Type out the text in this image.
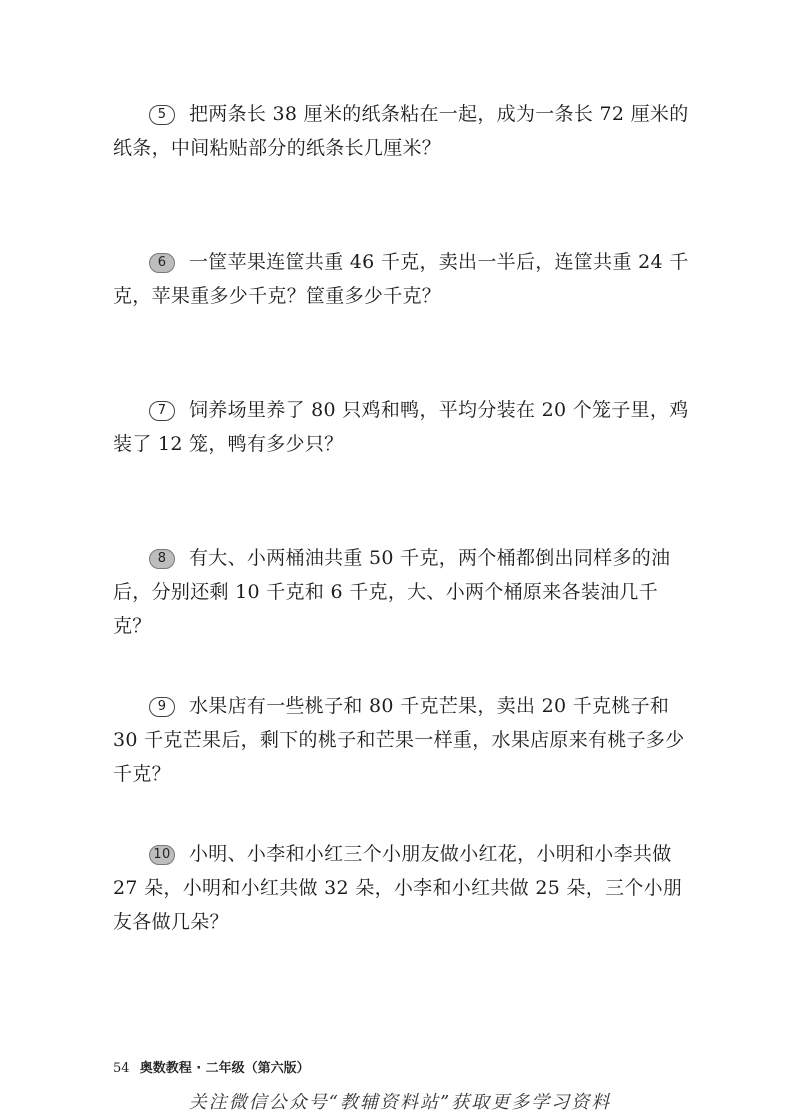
5 把两条长 38 厘米的纸条粘在一起，成为一条长 72 厘米的纸条，中间粘贴部分的纸条长几厘米？
6 一筐苹果连筐共重 46 千克，卖出一半后，连筐共重 24 千克，苹果重多少千克？筐重多少千克？
7 饲养场里养了 80 只鸡和鸭，平均分装在 20 个笼子里，鸡装了 12 笼，鸭有多少只？
8 有大、小两桶油共重 50 千克，两个桶都倒出同样多的油后，分别还剩 10 千克和 6 千克，大、小两个桶原来各装油几千克？
9 水果店有一些桃子和 80 千克芒果，卖出 20 千克桃子和 30 千克芒果后，剩下的桃子和芒果一样重，水果店原来有桃子多少千克？
10 小明、小李和小红三个小朋友做小红花，小明和小李共做 27 朵，小明和小红共做 32 朵，小李和小红共做 25 朵，三个小朋友各做几朵？
54 奥数教程 · 二年级（第六版）
关注微信公众号“教辅资料站”获取更多学习资料
